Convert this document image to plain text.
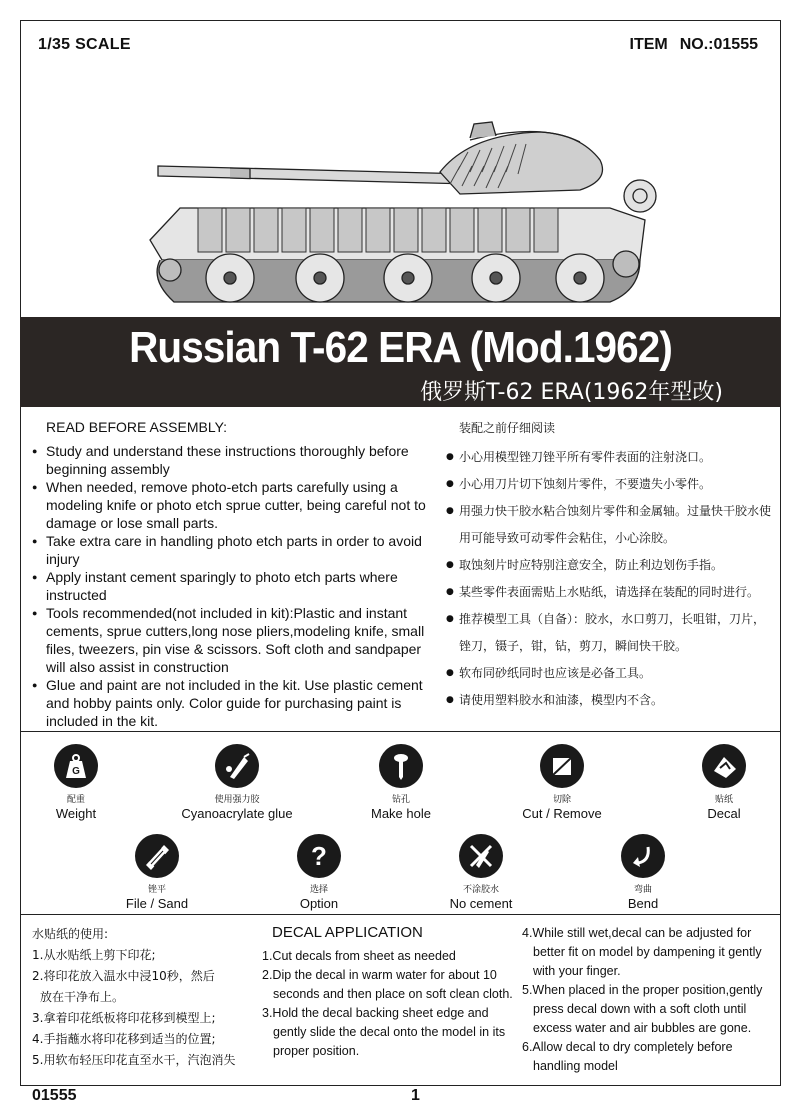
1/35 SCALE	ITEM NO.:01555
Russian T-62 ERA (Mod.1962)
俄罗斯T-62 ERA(1962年型改)
READ BEFORE ASSEMBLY:
● Study and understand these instructions thoroughly before beginning assembly
● When needed, remove photo-etch parts carefully using a modeling knife or photo etch sprue cutter, being careful not to damage or lose small parts.
● Take extra care in handling photo etch parts in order to avoid injury
● Apply instant cement sparingly to photo etch parts where instructed
● Tools recommended(not included in kit):Plastic and instant cements, sprue cutters,long nose pliers,modeling knife, small files, tweezers, pin vise & scissors. Soft cloth and sandpaper will also assist in construction
● Glue and paint are not included in the kit. Use plastic cement and hobby paints only. Color guide for purchasing paint is included in the kit.
装配之前仔细阅读
● 小心用模型锉刀锉平所有零件表面的注射浇口。
● 小心用刀片切下蚀刻片零件，不要遗失小零件。
● 用强力快干胶水粘合蚀刻片零件和金属轴。过量快干胶水使用可能导致可动零件会粘住，小心涂胶。
● 取蚀刻片时应特别注意安全，防止利边划伤手指。
● 某些零件表面需贴上水贴纸，请选择在装配的同时进行。
● 推荐模型工具（自备）：胶水，水口剪刀，长咀钳，刀片，锉刀，镊子，钳，钻，剪刀，瞬间快干胶。
● 软布同砂纸同时也应该是必备工具。
● 请使用塑料胶水和油漆，模型内不含。
G
配重
Weight
使用强力胶
Cyanoacrylate glue
钻孔
Make hole
切除
Cut / Remove
贴纸
Decal
锉平
File / Sand
?
选择
Option
不涂胶水
No cement
弯曲
Bend
水贴纸的使用:
1.从水贴纸上剪下印花;
2.将印花放入温水中浸10秒，然后
放在干净布上。
3.拿着印花纸板将印花移到模型上;
4.手指蘸水将印花移到适当的位置;
5.用软布轻压印花直至水干，汽泡消失
DECAL APPLICATION

1.Cut decals from sheet as needed

2.Dip the decal in warm water for about 10 seconds and then place on soft clean cloth.

3.Hold the decal backing sheet edge and gently slide the decal onto the model in its proper position.

4.While still wet,decal can be adjusted for better fit on model by dampening it gently with your finger.

5.When placed in the proper position,gently press decal down with a soft cloth until excess water and air bubbles are gone.

6.Allow decal to dry completely before handling model

01555	1
